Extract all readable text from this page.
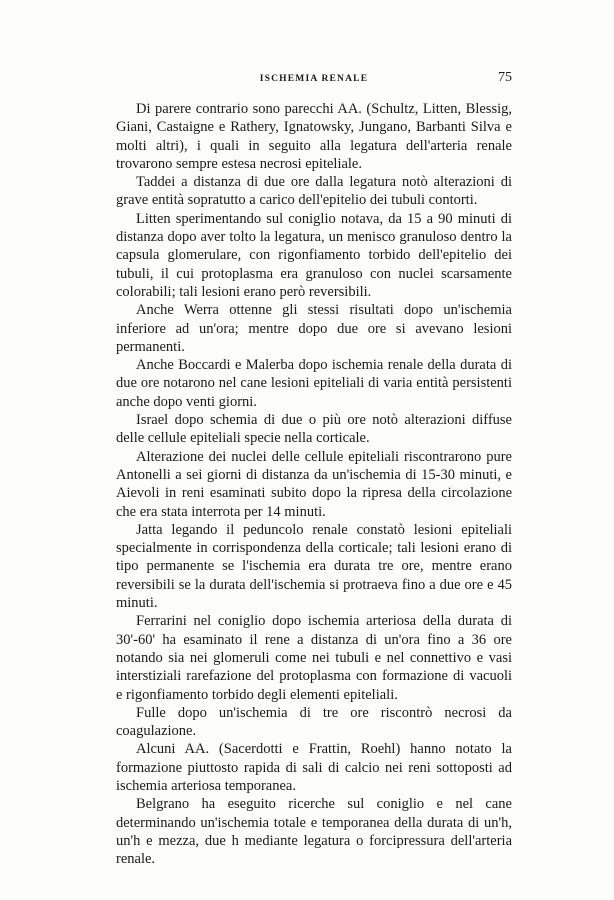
ISCHEMIA RENALE	75

Di parere contrario sono parecchi AA. (Schultz, Litten, Blessig, Giani, Castaigne e Rathery, Ignatowsky, Jungano, Barbanti Silva e molti altri), i quali in seguito alla legatura dell'arteria renale trovarono sempre estesa necrosi epiteliale.

Taddei a distanza di due ore dalla legatura notò alterazioni di grave entità sopratutto a carico dell'epitelio dei tubuli contorti.

Litten sperimentando sul coniglio notava, da 15 a 90 minuti di distanza dopo aver tolto la legatura, un menisco granuloso dentro la capsula glomerulare, con rigonfiamento torbido dell'epitelio dei tubuli, il cui protoplasma era granuloso con nuclei scarsamente colorabili; tali lesioni erano però reversibili.

Anche Werra ottenne gli stessi risultati dopo un'ischemia inferiore ad un'ora; mentre dopo due ore si avevano lesioni permanenti.

Anche Boccardi e Malerba dopo ischemia renale della durata di due ore notarono nel cane lesioni epiteliali di varia entità persistenti anche dopo venti giorni.

Israel dopo schemia di due o più ore notò alterazioni diffuse delle cellule epiteliali specie nella corticale.

Alterazione dei nuclei delle cellule epiteliali riscontrarono pure Antonelli a sei giorni di distanza da un'ischemia di 15-30 minuti, e Aievoli in reni esaminati subito dopo la ripresa della circolazione che era stata interrota per 14 minuti.

Jatta legando il peduncolo renale constatò lesioni epiteliali specialmente in corrispondenza della corticale; tali lesioni erano di tipo permanente se l'ischemia era durata tre ore, mentre erano reversibili se la durata dell'ischemia si protraeva fino a due ore e 45 minuti.

Ferrarini nel coniglio dopo ischemia arteriosa della durata di 30'-60' ha esaminato il rene a distanza di un'ora fino a 36 ore notando sia nei glomeruli come nei tubuli e nel connettivo e vasi interstiziali rarefazione del protoplasma con formazione di vacuoli e rigonfiamento torbido degli elementi epiteliali.

Fulle dopo un'ischemia di tre ore riscontrò necrosi da coagulazione.

Alcuni AA. (Sacerdotti e Frattin, Roehl) hanno notato la formazione piuttosto rapida di sali di calcio nei reni sottoposti ad ischemia arteriosa temporanea.

Belgrano ha eseguito ricerche sul coniglio e nel cane determinando un'ischemia totale e temporanea della durata di un'h, un'h e mezza, due h mediante legatura o forcipressura dell'arteria renale.
